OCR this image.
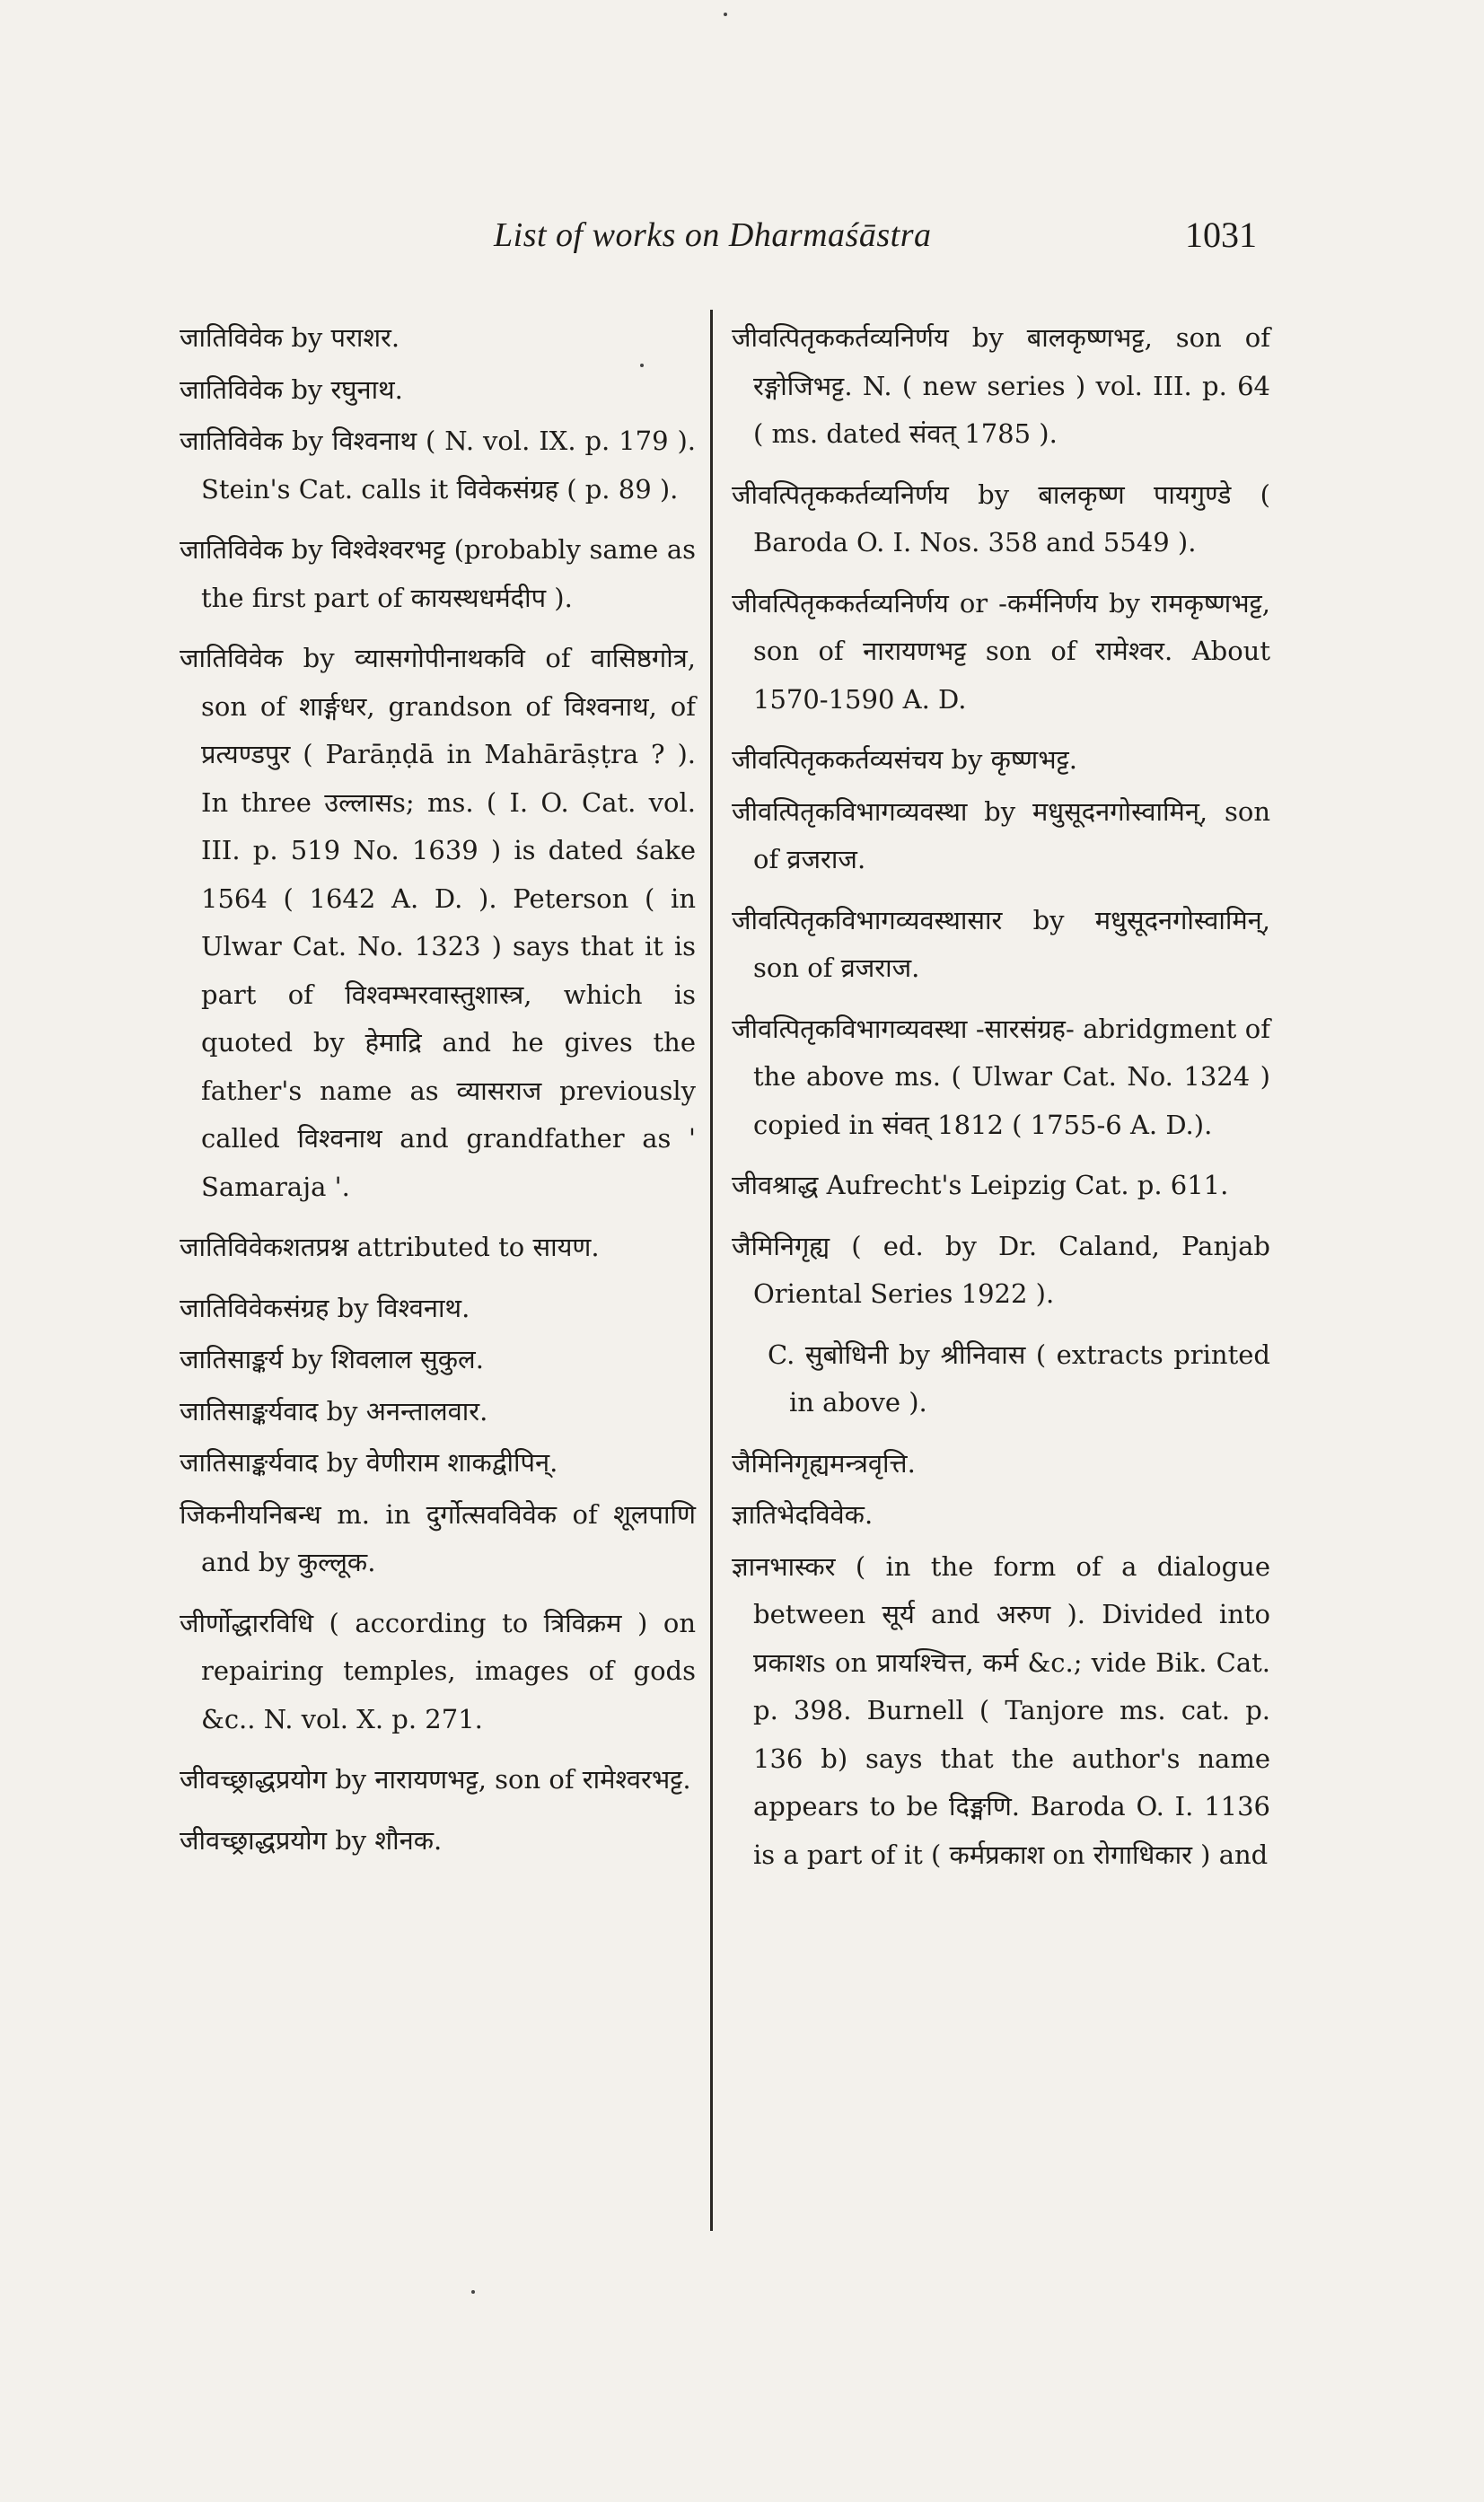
List of works on Dharmaśāstra	1031

जातिविवेक by पराशर.

जातिविवेक by रघुनाथ.

जातिविवेक by विश्वनाथ ( N. vol. IX. p. 179 ). Stein's Cat. calls it विवेकसंग्रह ( p. 89 ).

जातिविवेक by विश्वेश्वरभट्ट (probably same as the first part of कायस्थधर्मदीप ).

जातिविवेक by व्यासगोपीनाथकवि of वासिष्ठगोत्र, son of शार्ङ्गधर, grandson of विश्वनाथ, of प्रत्यण्डपुर ( Parāṇḍā in Mahārāṣṭra ? ). In three उल्लासs; ms. ( I. O. Cat. vol. III. p. 519 No. 1639 ) is dated śake 1564 ( 1642 A. D. ). Peterson ( in Ulwar Cat. No. 1323 ) says that it is part of विश्वम्भरवास्तुशास्त्र, which is quoted by हेमाद्रि and he gives the father's name as व्यासराज previously called विश्वनाथ and grandfather as ' Samaraja '.

जातिविवेकशतप्रश्न attributed to सायण.

जातिविवेकसंग्रह by विश्वनाथ.

जातिसाङ्कर्य by शिवलाल सुकुल.

जातिसाङ्कर्यवाद by अनन्तालवार.

जातिसाङ्कर्यवाद by वेणीराम शाकद्वीपिन्.

जिकनीयनिबन्ध m. in दुर्गोत्सवविवेक of शूलपाणि and by कुल्लूक.

जीर्णोद्धारविधि ( according to त्रिविक्रम ) on repairing temples, images of gods &c.. N. vol. X. p. 271.

जीवच्छ्राद्धप्रयोग by नारायणभट्ट, son of रामेश्वरभट्ट.

जीवच्छ्राद्धप्रयोग by शौनक.

जीवत्पितृककर्तव्यनिर्णय by बालकृष्णभट्ट, son of रङ्गोजिभट्ट. N. ( new series ) vol. III. p. 64 ( ms. dated संवत् 1785 ).

जीवत्पितृककर्तव्यनिर्णय by बालकृष्ण पायगुण्डे ( Baroda O. I. Nos. 358 and 5549 ).

जीवत्पितृककर्तव्यनिर्णय or -कर्मनिर्णय by रामकृष्णभट्ट, son of नारायणभट्ट son of रामेश्वर. About 1570-1590 A. D.

जीवत्पितृककर्तव्यसंचय by कृष्णभट्ट.

जीवत्पितृकविभागव्यवस्था by मधुसूदनगोस्वामिन्, son of व्रजराज.

जीवत्पितृकविभागव्यवस्थासार by मधुसूदनगोस्वामिन्, son of व्रजराज.

जीवत्पितृकविभागव्यवस्था -सारसंग्रह- abridgment of the above ms. ( Ulwar Cat. No. 1324 ) copied in संवत् 1812 ( 1755-6 A. D.).

जीवश्राद्ध Aufrecht's Leipzig Cat. p. 611.

जैमिनिगृह्य ( ed. by Dr. Caland, Panjab Oriental Series 1922 ).

C. सुबोधिनी by श्रीनिवास ( extracts printed in above ).

जैमिनिगृह्यमन्त्रवृत्ति.

ज्ञातिभेदविवेक.

ज्ञानभास्कर ( in the form of a dialogue between सूर्य and अरुण ). Divided into प्रकाशs on प्रायश्चित्त, कर्म &c.; vide Bik. Cat. p. 398. Burnell ( Tanjore ms. cat. p. 136 b) says that the author's name appears to be दिङ्मणि. Baroda O. I. 1136 is a part of it ( कर्मप्रकाश on रोगाधिकार ) and
